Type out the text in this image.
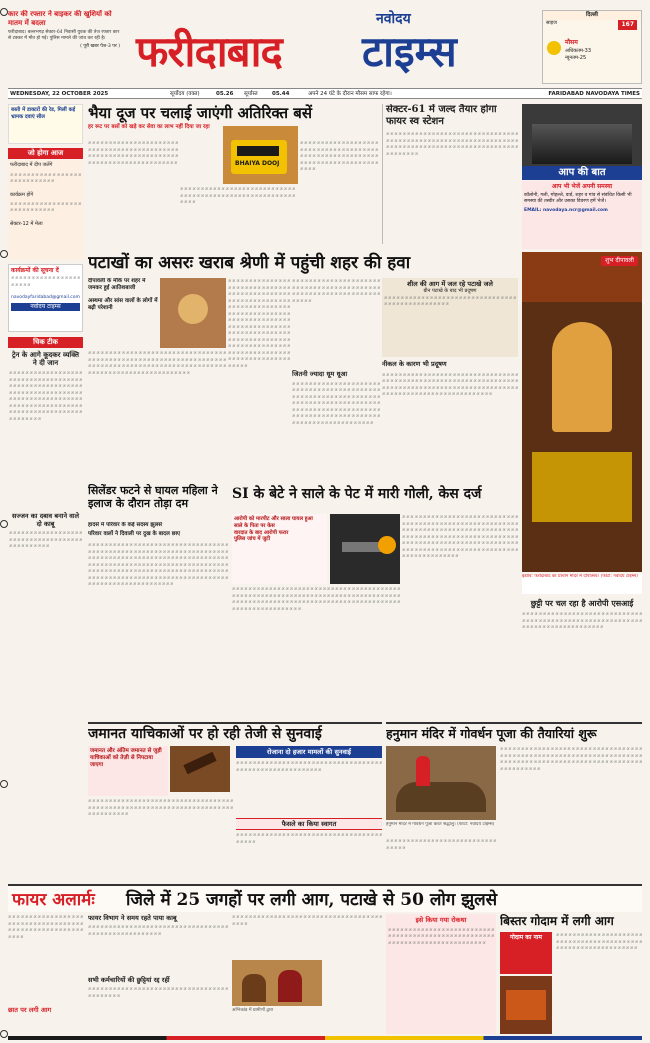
कार की रफ्तार ने बाइकर की खुशियों को मातम में बदला
फरीदाबाद। बल्लभगढ़ सेक्टर-64 निवासी युवक की तेज रफ्तार कार से टक्कर में मौत हो गई। पुलिस मामले की जांच कर रही है।
( पूरी खबर पेज-3 पर )
नवोदय
फरीदाबाद टाइम्स
दिल्ली
167
साइज
मौसम
अधिकतम-33
न्यूनतम-25
WEDNESDAY, 22 OCTOBER 2025	सूर्योदय (वक्त)	05.26 सूर्यास्त	05.44	अपने 24 घंटे के दौरान मौसम साफ रहेगा।	FARIDABAD NAVODAYA TIMES
बस्ती में डाक्टरों की रेड, मिलीं कई भ्रामक दवाएं सील
जो होगा आज
फरीदाबाद में दीप जलेंगे
अ अ अ अ अ अ अ अ अ अ अ अ अ अ अ अ अ अ अ अ अ अ अ अ अ अ अ अ
कार्यक्रम होंगे
अ अ अ अ अ अ अ अ अ अ अ अ अ अ अ अ अ अ अ अ अ अ अ अ अ अ अ अ
सेक्टर-12 में मेला
कार्यक्रमों की सूचना दें
अ अ अ अ अ अ अ अ अ अ अ अ अ अ अ अ अ अ अ अ अ अ
navodayfaridabad@gmail.com
नवोदय टाइम्स
चिक टीक
ट्रेन के आगे कूदकर व्यक्ति ने दी जान
अ अ अ अ अ अ अ अ अ अ अ अ अ अ अ अ अ अ अ अ अ अ अ अ अ अ अ अ अ अ अ अ अ अ अ अ अ अ अ अ अ अ अ अ अ अ अ अ अ अ अ अ अ अ अ अ अ अ अ अ अ अ अ अ अ अ अ अ अ अ अ अ अ अ अ अ अ अ अ अ अ अ अ अ अ अ अ अ अ अ अ अ अ अ अ अ अ अ अ अ अ अ अ अ अ अ अ अ अ अ अ अ अ अ अ अ अ अ अ अ अ अ अ अ अ अ अ अ अ अ अ अ अ अ
सज्जन का दबाव बनाने वाले दो काबू
अ अ अ अ अ अ अ अ अ अ अ अ अ अ अ अ अ अ अ अ अ अ अ अ अ अ अ अ अ अ अ अ अ अ अ अ अ अ अ अ अ अ अ अ अ अ
भैया दूज पर चलाई जाएंगी अतिरिक्त बसें
हर रूट पर बसों को खड़े कर सेवा का लाभ नहीं दिया जा रहा
अ अ अ अ अ अ अ अ अ अ अ अ अ अ अ अ अ अ अ अ अ अ अ अ अ अ अ अ अ अ अ अ अ अ अ अ अ अ अ अ अ अ अ अ अ अ अ अ अ अ अ अ अ अ अ अ अ अ अ अ अ अ अ अ अ अ अ अ अ अ अ अ अ अ अ अ अ अ अ अ अ अ अ अ अ अ अ अ	BHAIYA DOOJ
अ अ अ अ अ अ अ अ अ अ अ अ अ अ अ अ अ अ अ अ अ अ अ अ अ अ अ अ अ अ अ अ अ अ अ अ अ अ अ अ अ अ अ अ अ अ अ अ अ अ अ अ अ अ अ अ अ अ अ अ
अ अ अ अ अ अ अ अ अ अ अ अ अ अ अ अ अ अ अ अ अ अ अ अ अ अ अ अ अ अ अ अ अ अ अ अ अ अ अ अ अ अ अ अ अ अ अ अ अ अ अ अ अ अ अ अ अ अ अ अ अ अ अ अ अ अ अ अ अ अ अ अ अ अ अ अ अ अ अ अ
सेक्टर-61 में जल्द तैयार होगा फायर स्व स्टेशन
अ अ अ अ अ अ अ अ अ अ अ अ अ अ अ अ अ अ अ अ अ अ अ अ अ अ अ अ अ अ अ अ अ अ अ अ अ अ अ अ अ अ अ अ अ अ अ अ अ अ अ अ अ अ अ अ अ अ अ अ अ अ अ अ अ अ अ अ अ अ अ अ अ अ अ अ अ अ अ अ अ अ अ अ अ अ अ अ अ अ अ अ अ अ अ अ अ अ अ अ अ अ अ अ
आप की बात
आप भी भेजें अपनी समस्या
कॉलोनी, गली, मोहल्ले, वार्ड, शहर व गांव से संबंधित किसी भी समस्या की तस्वीर और उसका विवरण हमें भेजें।
EMAIL: navodaya.ncr@gmail.com
पटाखों का असरः खराब श्रेणी में पहुंची शहर की हवा
दीपावली के मौके पर शहर में जमकर हुई आतिशबाजी
अस्थमा और सांस वालों के लोगों में बढ़ी परेशानी
अ अ अ अ अ अ अ अ अ अ अ अ अ अ अ अ अ अ अ अ अ अ अ अ अ अ अ अ अ अ अ अ अ अ अ अ अ अ अ अ अ अ अ अ अ अ अ अ अ अ अ अ अ अ अ अ अ अ अ अ अ अ अ अ अ अ अ अ अ अ अ अ अ अ अ अ अ अ अ अ अ अ अ अ अ अ अ अ अ अ अ अ अ अ अ अ अ अ अ अ अ अ अ अ अ अ अ अ अ अ अ अ अ अ अ अ अ अ अ अ अ अ अ अ अ अ अ अ अ अ अ अ अ अ अ अ अ अ अ अ अ अ अ अ अ अ अ अ अ अ अ अ अ अ अ अ अ अ अ अ अ अ अ अ अ अ अ अ अ अ अ अ अ अ अ अ अ अ अ अ अ अ अ अ अ अ अ अ अ अ अ अ अ अ अ अ अ अ अ अ
अ अ अ अ अ अ अ अ अ अ अ अ अ अ अ अ अ अ अ अ अ अ अ अ अ अ अ अ अ अ अ अ अ अ अ अ अ अ अ अ अ अ अ अ अ अ अ अ अ अ अ अ अ अ अ अ अ अ अ अ अ अ अ अ अ अ अ अ
जितनी ज्यादा धूम धूआ
अ अ अ अ अ अ अ अ अ अ अ अ अ अ अ अ अ अ अ अ अ अ अ अ अ अ अ अ अ अ अ अ अ अ अ अ अ अ अ अ अ अ अ अ अ अ अ अ अ अ अ अ अ अ अ अ अ अ अ अ अ अ अ अ अ अ अ अ अ अ अ अ अ अ अ अ अ अ अ अ अ अ अ अ अ अ अ अ अ अ अ अ अ अ अ अ अ अ अ अ अ अ अ अ अ अ अ अ अ अ अ अ अ अ अ अ अ अ अ अ अ अ अ अ अ अ अ अ अ अ अ अ अ अ अ अ अ अ अ अ अ अ अ अ अ अ
शील की आग में जल रहे पटाखे जले
ग्रीन पटाखे के बाद भी प्रदूषण
अ अ अ अ अ अ अ अ अ अ अ अ अ अ अ अ अ अ अ अ अ अ अ अ अ अ अ अ अ अ अ अ अ अ अ अ अ अ अ अ अ अ अ अ अ अ अ अ
नीकल के कारण भी प्रदूषण
अ अ अ अ अ अ अ अ अ अ अ अ अ अ अ अ अ अ अ अ अ अ अ अ अ अ अ अ अ अ अ अ अ अ अ अ अ अ अ अ अ अ अ अ अ अ अ अ अ अ अ अ अ अ अ अ अ अ अ अ अ अ अ अ अ अ अ अ अ अ अ अ अ अ अ अ अ अ अ अ अ अ अ अ अ अ अ अ अ अ अ अ अ अ अ अ अ अ अ अ अ अ अ अ अ अ अ अ अ अ अ अ अ अ अ अ अ अ अ अ अ अ अ अ अ अ
अ अ अ अ अ अ अ अ अ अ अ अ अ अ अ अ अ अ अ अ अ अ अ अ अ अ अ अ अ अ अ अ अ अ अ अ अ अ अ अ अ अ अ अ अ अ अ अ अ अ अ अ अ अ अ अ अ अ अ अ अ अ अ अ अ अ अ अ अ अ अ अ अ अ अ अ अ अ अ अ अ अ अ अ अ अ अ अ अ अ अ अ अ अ अ अ अ अ अ अ अ अ अ अ अ अ अ अ अ अ अ अ अ अ अ अ अ अ अ अ अ अ अ अ
शुभ दीपावली
इंडोवि: फरीदाबाद का प्राचीन मंदिर में दीपोत्सव। (फोटो: नवोदय टाइम्स)
सिलेंडर फटने से घायल महिला ने इलाज के दौरान तोड़ा दम
हादसे में परिवार के कई सदस्य झुलसे
परिवार वालों ने दिवाली पर दुख के बादल छाए
अ अ अ अ अ अ अ अ अ अ अ अ अ अ अ अ अ अ अ अ अ अ अ अ अ अ अ अ अ अ अ अ अ अ अ अ अ अ अ अ अ अ अ अ अ अ अ अ अ अ अ अ अ अ अ अ अ अ अ अ अ अ अ अ अ अ अ अ अ अ अ अ अ अ अ अ अ अ अ अ अ अ अ अ अ अ अ अ अ अ अ अ अ अ अ अ अ अ अ अ अ अ अ अ अ अ अ अ अ अ अ अ अ अ अ अ अ अ अ अ अ अ अ अ अ अ अ अ अ अ अ अ अ अ अ अ अ अ अ अ अ अ अ अ अ अ अ अ अ अ अ अ अ अ अ अ अ अ अ अ अ अ अ अ अ अ अ अ अ अ अ अ अ अ अ अ अ अ अ अ अ अ अ अ अ अ अ अ अ अ अ अ अ अ अ अ अ अ अ अ अ अ अ अ अ अ अ अ अ अ अ अ अ अ अ अ अ अ अ अ अ अ अ अ अ
SI के बेटे ने साले के पेट में मारी गोली, केस दर्ज
आरोपी को मारपीट और साला घायल हुआ
साले के पिता पर केस
वारदात के बाद आरोपी फरार
पुलिस जांच में जुटी
अ अ अ अ अ अ अ अ अ अ अ अ अ अ अ अ अ अ अ अ अ अ अ अ अ अ अ अ अ अ अ अ अ अ अ अ अ अ अ अ अ अ अ अ अ अ अ अ अ अ अ अ अ अ अ अ अ अ अ अ अ अ अ अ अ अ अ अ अ अ अ अ अ अ अ अ अ अ अ अ अ अ अ अ अ अ अ अ अ अ अ अ अ अ अ अ अ अ अ अ अ अ अ अ अ अ अ अ अ अ अ अ अ अ अ अ अ अ अ अ अ अ अ अ अ अ अ अ अ अ अ अ अ अ अ अ अ अ अ अ
अ अ अ अ अ अ अ अ अ अ अ अ अ अ अ अ अ अ अ अ अ अ अ अ अ अ अ अ अ अ अ अ अ अ अ अ अ अ अ अ अ अ अ अ अ अ अ अ अ अ अ अ अ अ अ अ अ अ अ अ अ अ अ अ अ अ अ अ अ अ अ अ अ अ अ अ अ अ अ अ अ अ अ अ अ अ अ अ अ अ अ अ अ अ अ अ अ अ अ अ अ अ अ अ अ अ अ अ अ अ अ अ अ अ अ अ अ अ अ अ अ अ अ अ अ अ अ अ अ अ अ अ अ अ अ अ अ अ अ अ अ अ अ अ अ अ अ अ अ अ अ अ अ अ अ अ अ अ अ अ अ अ अ अ अ अ अ अ अ अ अ अ अ अ अ अ अ अ अ अ अ अ
छुट्टी पर चल रहा है आरोपी एसआई
अ अ अ अ अ अ अ अ अ अ अ अ अ अ अ अ अ अ अ अ अ अ अ अ अ अ अ अ अ अ अ अ अ अ अ अ अ अ अ अ अ अ अ अ अ अ अ अ अ अ अ अ अ अ अ अ अ अ अ अ अ अ अ अ अ अ अ अ अ अ अ अ अ अ अ अ अ अ
जमानत याचिकाओं पर हो रही तेजी से सुनवाई
जमानत और अंतिम जमानत से जुड़ी याचिकाओं को तेज़ी से निपटाया जाएगा
अ अ अ अ अ अ अ अ अ अ अ अ अ अ अ अ अ अ अ अ अ अ अ अ अ अ अ अ अ अ अ अ अ अ अ अ अ अ अ अ अ अ अ अ अ अ अ अ अ अ अ अ अ अ अ अ अ अ अ अ अ अ अ अ अ अ अ अ अ अ अ अ अ अ अ अ अ अ अ अ
रोजाना दो हजार मामलों की सुनवाई
अ अ अ अ अ अ अ अ अ अ अ अ अ अ अ अ अ अ अ अ अ अ अ अ अ अ अ अ अ अ अ अ अ अ अ अ अ अ अ अ अ अ अ अ अ अ अ अ अ अ अ अ अ अ अ अ
फैसले का किया स्वागत
अ अ अ अ अ अ अ अ अ अ अ अ अ अ अ अ अ अ अ अ अ अ अ अ अ अ अ अ अ अ अ अ अ अ अ अ अ अ अ अ
हनुमान मंदिर में गोवर्धन पूजा की तैयारियां शुरू
हनुमान मंदिर में गोवर्धन पूजा करते श्रद्धालु। (फोटो: नवोदय टाइम्स)
अ अ अ अ अ अ अ अ अ अ अ अ अ अ अ अ अ अ अ अ अ अ अ अ अ अ अ अ अ अ अ अ
अ अ अ अ अ अ अ अ अ अ अ अ अ अ अ अ अ अ अ अ अ अ अ अ अ अ अ अ अ अ अ अ अ अ अ अ अ अ अ अ अ अ अ अ अ अ अ अ अ अ अ अ अ अ अ अ अ अ अ अ अ अ अ अ अ अ अ अ अ अ अ अ अ अ अ अ अ अ अ अ अ अ अ अ अ अ अ अ अ अ अ अ अ अ अ अ अ अ अ अ अ अ अ अ अ अ अ अ अ अ अ अ
फायर अलार्मः जिले में 25 जगहों पर लगी आग, पटाखे से 50 लोग झुलसे
अ अ अ अ अ अ अ अ अ अ अ अ अ अ अ अ अ अ अ अ अ अ अ अ अ अ अ अ अ अ अ अ अ अ अ अ अ अ अ अ अ अ अ अ अ अ अ अ अ अ अ अ अ अ अ अ अ अ
छात पर लगी आग
फायर विभाग ने समय रहते पाया काबू
अ अ अ अ अ अ अ अ अ अ अ अ अ अ अ अ अ अ अ अ अ अ अ अ अ अ अ अ अ अ अ अ अ अ अ अ अ अ अ अ अ अ अ अ अ अ अ अ अ अ अ अ
सभी कर्मचारियों की छुट्टियां रद्द रहीं
अ अ अ अ अ अ अ अ अ अ अ अ अ अ अ अ अ अ अ अ अ अ अ अ अ अ अ अ अ अ अ अ अ अ अ अ अ अ अ अ अ अ
अ अ अ अ अ अ अ अ अ अ अ अ अ अ अ अ अ अ अ अ अ अ अ अ अ अ अ अ अ अ अ अ अ अ अ अ अ अ अ अ
अग्निकांड में ग्रामीणों द्वारा
इसे किया गया रोकथा
अ अ अ अ अ अ अ अ अ अ अ अ अ अ अ अ अ अ अ अ अ अ अ अ अ अ अ अ अ अ अ अ अ अ अ अ अ अ अ अ अ अ अ अ अ अ अ अ अ अ अ अ अ अ अ अ अ अ अ अ अ अ अ अ अ अ अ अ अ अ अ अ अ अ अ अ
बिस्तर गोदाम में लगी आग
गोदाम का नाम	अ अ अ अ अ अ अ अ अ अ अ अ अ अ अ अ अ अ अ अ अ अ अ अ अ अ अ अ अ अ अ अ अ अ अ अ अ अ अ अ अ अ अ अ अ अ अ अ अ अ अ अ अ अ अ अ अ अ अ अ अ अ
